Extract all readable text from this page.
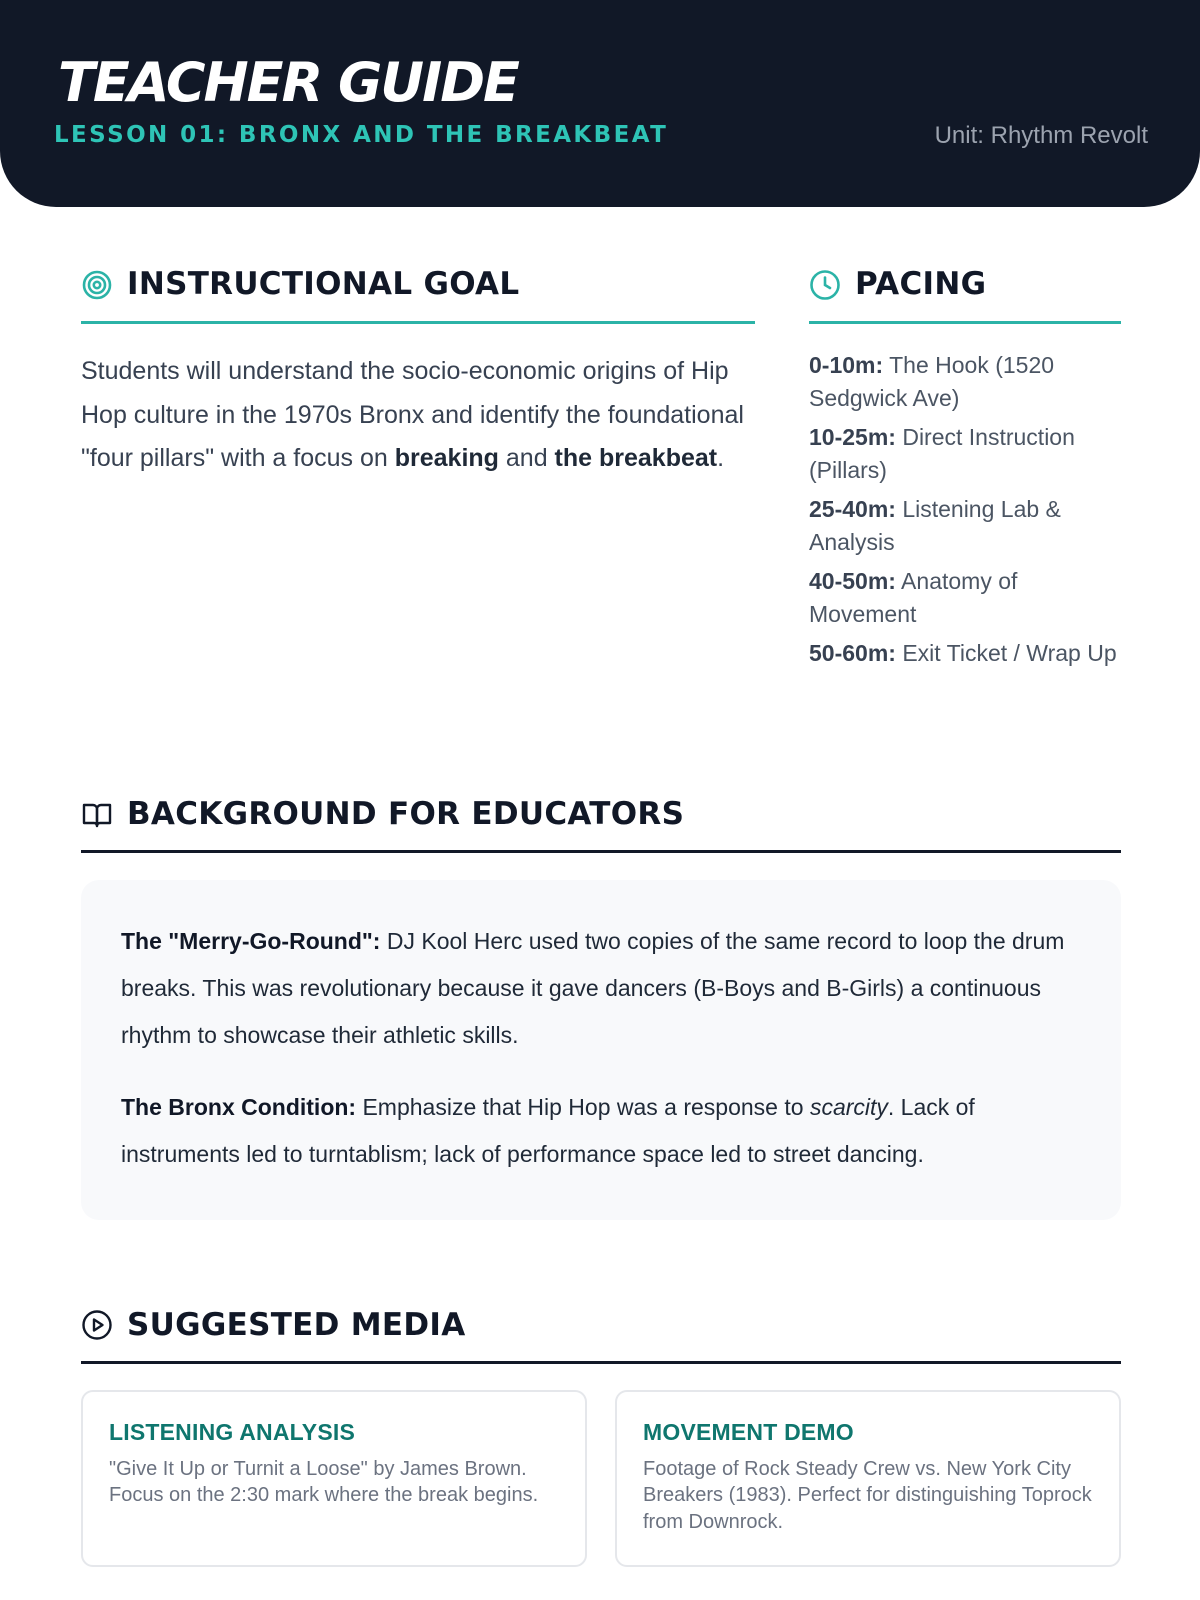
TEACHER GUIDE
LESSON 01: BRONX AND THE BREAKBEAT	Unit: Rhythm Revolt
INSTRUCTIONAL GOAL
Students will understand the socio-economic origins of Hip Hop culture in the 1970s Bronx and identify the foundational "four pillars" with a focus on breaking and the breakbeat.
PACING
0-10m: The Hook (1520 Sedgwick Ave)
10-25m: Direct Instruction (Pillars)
25-40m: Listening Lab & Analysis
40-50m: Anatomy of Movement
50-60m: Exit Ticket / Wrap Up
BACKGROUND FOR EDUCATORS

The "Merry-Go-Round": DJ Kool Herc used two copies of the same record to loop the drum breaks. This was revolutionary because it gave dancers (B-Boys and B-Girls) a continuous rhythm to showcase their athletic skills.

The Bronx Condition: Emphasize that Hip Hop was a response to scarcity. Lack of instruments led to turntablism; lack of performance space led to street dancing.

SUGGESTED MEDIA
LISTENING ANALYSIS
"Give It Up or Turnit a Loose" by James Brown. Focus on the 2:30 mark where the break begins.
MOVEMENT DEMO
Footage of Rock Steady Crew vs. New York City Breakers (1983). Perfect for distinguishing Toprock from Downrock.
